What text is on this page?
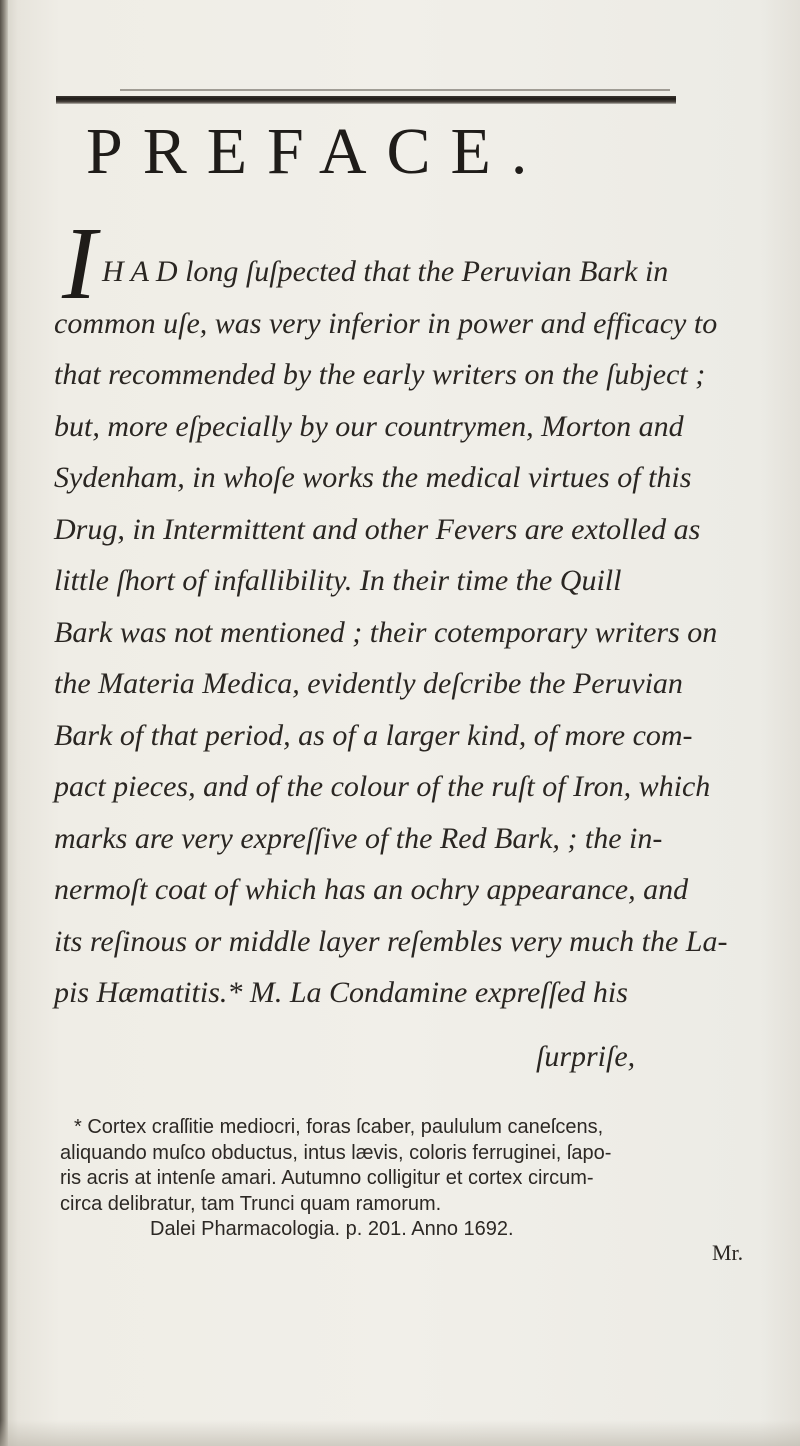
PREFACE.
I H A D long ſuſpected that the Peruvian Bark in
common uſe, was very inferior in power and efficacy to
that recommended by the early writers on the ſubject ;
but, more eſpecially by our countrymen, Morton and
Sydenham, in whoſe works the medical virtues of this
Drug, in Intermittent and other Fevers are extolled as
little ſhort of infallibility. In their time the Quill
Bark was not mentioned ; their cotemporary writers on
the Materia Medica, evidently deſcribe the Peruvian
Bark of that period, as of a larger kind, of more com-
pact pieces, and of the colour of the ruſt of Iron, which
marks are very expreſſive of the Red Bark, ; the in-
nermoſt coat of which has an ochry appearance, and
its reſinous or middle layer reſembles very much the La-
pis Hæmatitis.* M. La Condamine expreſſed his
ſurpriſe,
* Cortex craſſitie mediocri, foras ſcaber, paululum caneſcens,
aliquando muſco obductus, intus lævis, coloris ferruginei, ſapo-
ris acris at intenſe amari. Autumno colligitur et cortex circum-
circa delibratur, tam Trunci quam ramorum.
Dalei Pharmacologia. p. 201. Anno 1692.
Mr.
